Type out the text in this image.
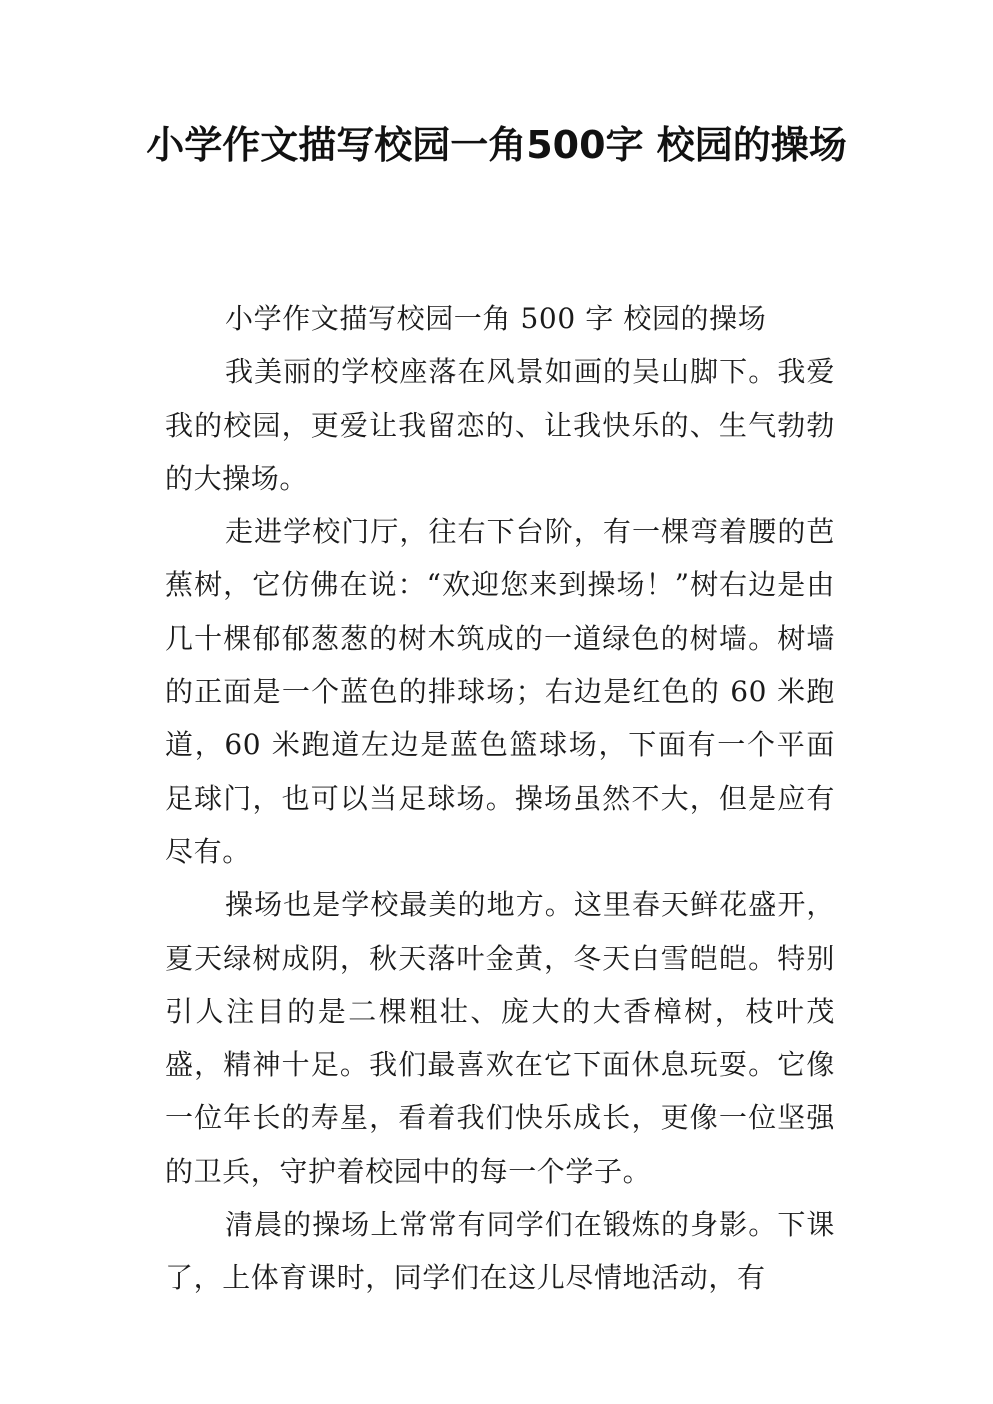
小学作文描写校园一角500字 校园的操场

小学作文描写校园一角 500 字 校园的操场

我美丽的学校座落在风景如画的吴山脚下。我爱我的校园，更爱让我留恋的、让我快乐的、生气勃勃的大操场。

走进学校门厅，往右下台阶，有一棵弯着腰的芭蕉树，它仿佛在说：“欢迎您来到操场！”树右边是由几十棵郁郁葱葱的树木筑成的一道绿色的树墙。树墙的正面是一个蓝色的排球场；右边是红色的 60 米跑道，60 米跑道左边是蓝色篮球场，下面有一个平面足球门，也可以当足球场。操场虽然不大，但是应有尽有。

操场也是学校最美的地方。这里春天鲜花盛开，夏天绿树成阴，秋天落叶金黄，冬天白雪皑皑。特别引人注目的是二棵粗壮、庞大的大香樟树，枝叶茂盛，精神十足。我们最喜欢在它下面休息玩耍。它像一位年长的寿星，看着我们快乐成长，更像一位坚强的卫兵，守护着校园中的每一个学子。

清晨的操场上常常有同学们在锻炼的身影。下课了，上体育课时，同学们在这儿尽情地活动，有
